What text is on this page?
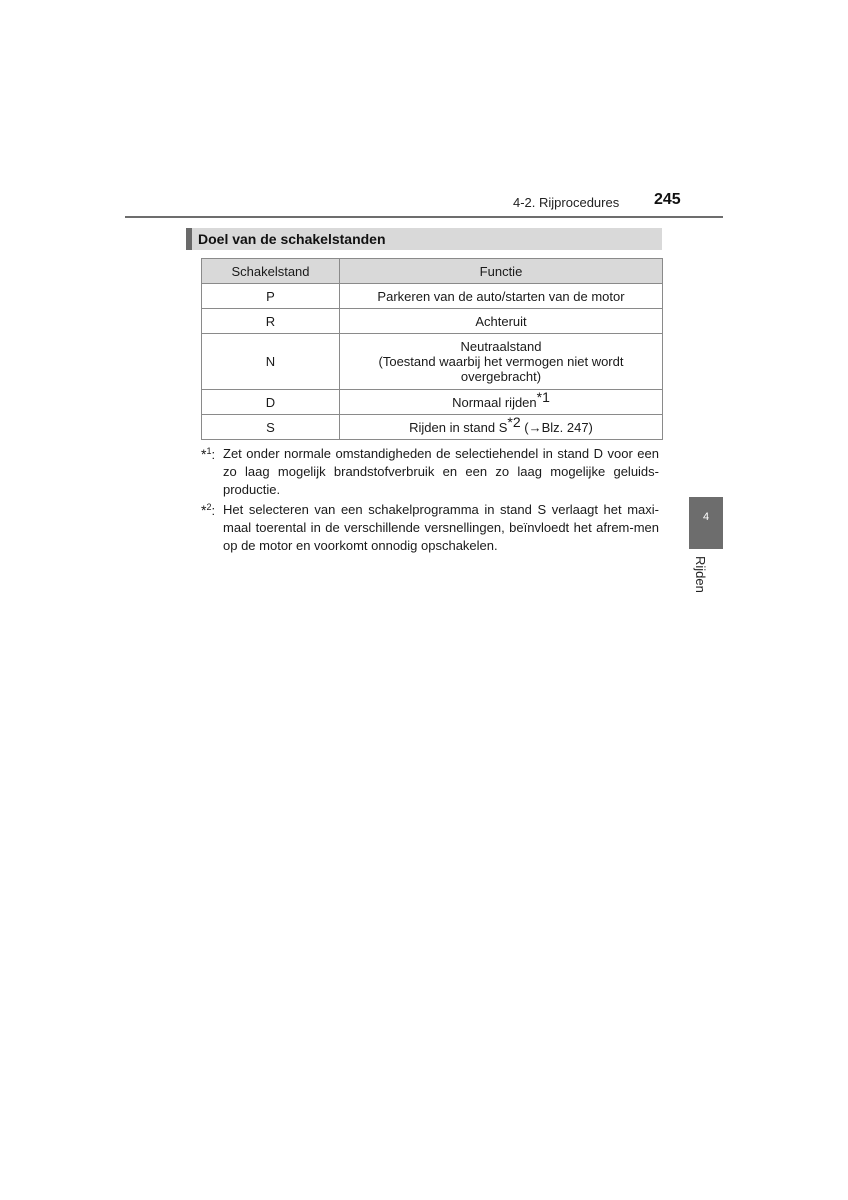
4-2. Rijprocedures 245
Doel van de schakelstanden
Schakelstand	Functie
P	Parkeren van de auto/starten van de motor
R	Achteruit
N	Neutraalstand
(Toestand waarbij het vermogen niet wordt
overgebracht)

D	Normaal rijden$^{*1}$
S	Rijden in stand $S^{*2}$ (→Blz. 247)
*$^1$: Zet onder normale omstandigheden de selectiehendel in stand D voor een zo laag mogelijk brandstofverbruik en een zo laag mogelijke geluids-productie.
*$^2$: Het selecteren van een schakelprogramma in stand S verlaagt het maxi-maal toerental in de verschillende versnellingen, beïnvloedt het afrem-men op de motor en voorkomt onnodig opschakelen.
4
Rijden
